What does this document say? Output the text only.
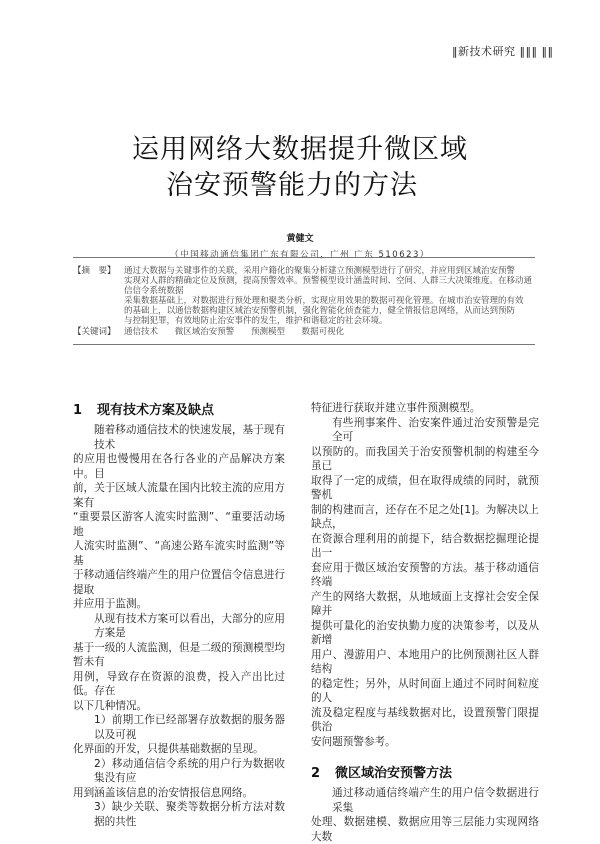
‖新技术研究 ‖‖‖ ‖‖
运用网络大数据提升微区域
治安预警能力的方法
黄健文
（中国移动通信集团广东有限公司，广州 广东 510623）
【摘　要】 通过大数据与关键事件的关联，采用户籍化的聚集分析建立预测模型进行了研究，并应用到区域治安预警
实现对人群的精确定位及预测，提高预警效率。预警模型设计涵盖时间、空间、人群三大决策维度。在移动通信信令系统数据
采集数据基础上，对数据进行预处理和聚类分析，实现应用效果的数据可视化管理。在城市治安管理的有效
的基础上，以通信数据构建区域治安预警机制，强化智能化侦查能力，健全情报信息网络，从而达到预防
与控制犯罪，有效地防止治安事件的发生，维护和谐稳定的社会环境。
【关键词】 通信技术 微区域治安预警 预测模型 数据可视化
1 现有技术方案及缺点
随着移动通信技术的快速发展，基于现有技术
的应用也慢慢用在各行各业的产品解决方案中。目
前，关于区域人流量在国内比较主流的应用方案有
“重要景区游客人流实时监测”、“重要活动场地
人流实时监测”、“高速公路车流实时监测”等基
于移动通信终端产生的用户位置信令信息进行提取
并应用于监测。
从现有技术方案可以看出，大部分的应用方案是
基于一级的人流监测，但是二级的预测模型均暂未有
用例，导致存在资源的浪费，投入产出比过低。存在
以下几种情况。
1）前期工作已经部署存放数据的服务器以及可视
化界面的开发，只提供基础数据的呈现。
2）移动通信信令系统的用户行为数据收集没有应
用到涵盖该信息的治安情报信息网络。
3）缺少关联、聚类等数据分析方法对数据的共性
特征进行获取并建立事件预测模型。
有些刑事案件、治安案件通过治安预警是完全可
以预防的。而我国关于治安预警机制的构建至今虽已
取得了一定的成绩，但在取得成绩的同时，就预警机
制的构建而言，还存在不足之处[1]。为解决以上缺点，
在资源合理利用的前提下，结合数据挖掘理论提出一
套应用于微区域治安预警的方法。基于移动通信终端
产生的网络大数据，从地域面上支撑社会安全保障并
提供可量化的治安执勤力度的决策参考，以及从新增
用户、漫游用户、本地用户的比例预测社区人群结构
的稳定性；另外，从时间面上通过不同时间粒度的人
流及稳定程度与基线数据对比，设置预警门限提供治
安问题预警参考。
2 微区域治安预警方法
通过移动通信终端产生的用户信令数据进行采集
处理、数据建模、数据应用等三层能力实现网络大数
